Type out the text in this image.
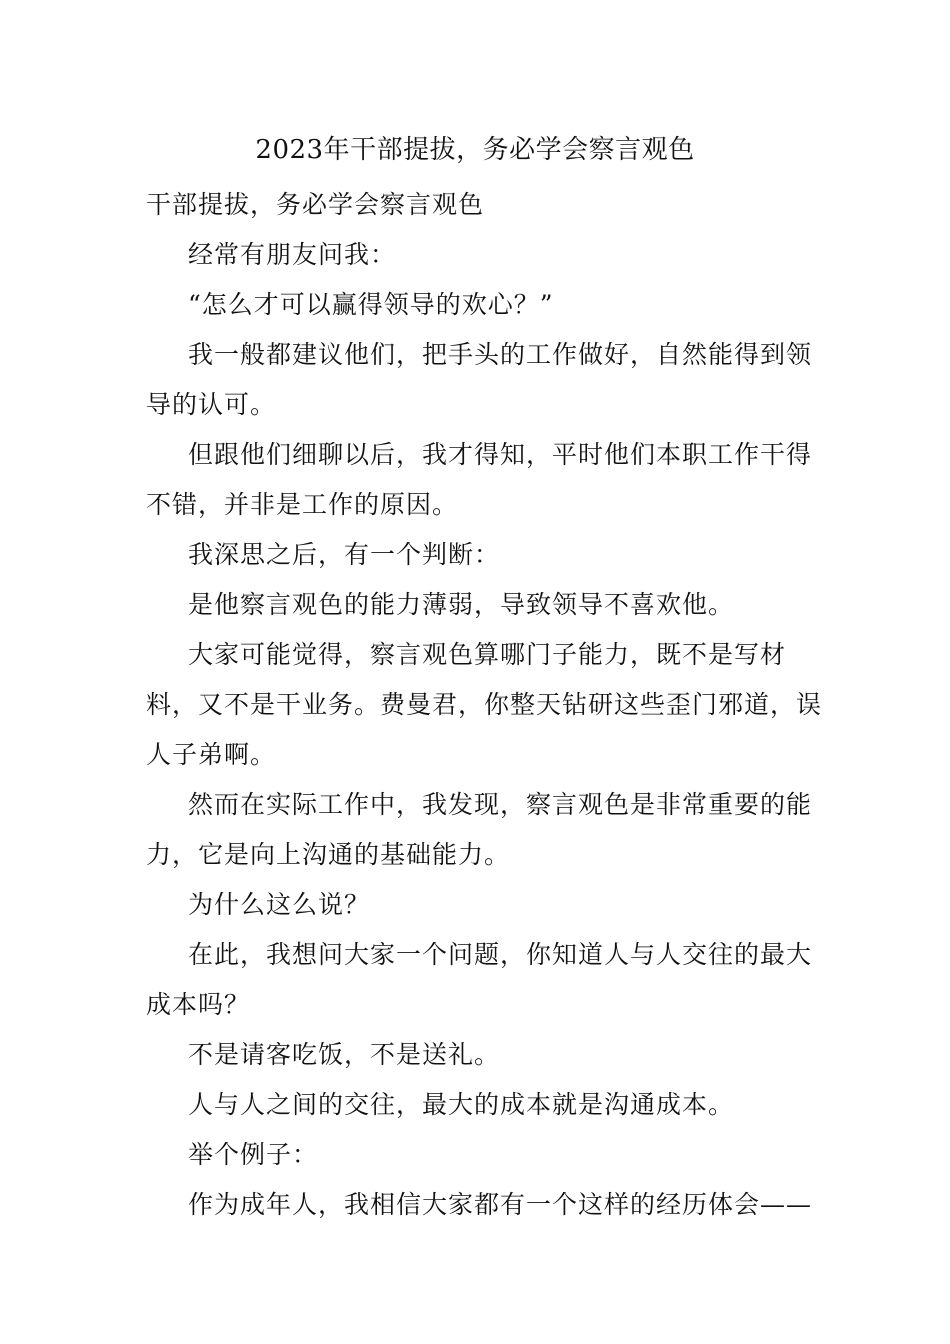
2023年干部提拔，务必学会察言观色

干部提拔，务必学会察言观色

经常有朋友问我：

“怎么才可以赢得领导的欢心？”

我一般都建议他们，把手头的工作做好，自然能得到领导的认可。

但跟他们细聊以后，我才得知，平时他们本职工作干得不错，并非是工作的原因。

我深思之后，有一个判断：

是他察言观色的能力薄弱，导致领导不喜欢他。

大家可能觉得，察言观色算哪门子能力，既不是写材料，又不是干业务。费曼君，你整天钻研这些歪门邪道，误人子弟啊。

然而在实际工作中，我发现，察言观色是非常重要的能力，它是向上沟通的基础能力。

为什么这么说？

在此，我想问大家一个问题，你知道人与人交往的最大成本吗？

不是请客吃饭，不是送礼。

人与人之间的交往，最大的成本就是沟通成本。

举个例子：

作为成年人，我相信大家都有一个这样的经历体会——
